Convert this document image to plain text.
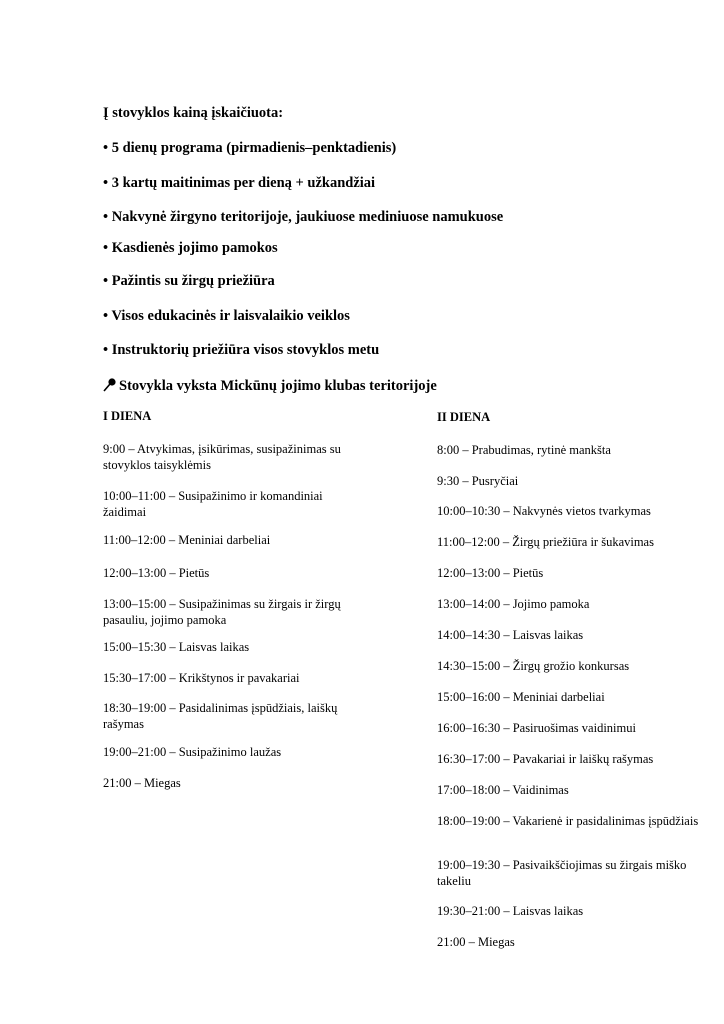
Į stovyklos kainą įskaičiuota:
• 5 dienų programa (pirmadienis–penktadienis)
• 3 kartų maitinimas per dieną + užkandžiai
• Nakvynė žirgyno teritorijoje, jaukiuose mediniuose namukuose
• Kasdienės jojimo pamokos
• Pažintis su žirgų priežiūra
• Visos edukacinės ir laisvalaikio veiklos
• Instruktorių priežiūra visos stovyklos metu
Stovykla vyksta Mickūnų jojimo klubas teritorijoje
I DIENA
9:00 – Atvykimas, įsikūrimas, susipažinimas su stovyklos taisyklėmis
10:00–11:00 – Susipažinimo ir komandiniai žaidimai
11:00–12:00 – Meniniai darbeliai
12:00–13:00 – Pietūs
13:00–15:00 – Susipažinimas su žirgais ir žirgų pasauliu, jojimo pamoka
15:00–15:30 – Laisvas laikas
15:30–17:00 – Krikštynos ir pavakariai
18:30–19:00 – Pasidalinimas įspūdžiais, laiškų rašymas
19:00–21:00 – Susipažinimo laužas
21:00 – Miegas
II DIENA
8:00 – Prabudimas, rytinė mankšta
9:30 – Pusryčiai
10:00–10:30 – Nakvynės vietos tvarkymas
11:00–12:00 – Žirgų priežiūra ir šukavimas
12:00–13:00 – Pietūs
13:00–14:00 – Jojimo pamoka
14:00–14:30 – Laisvas laikas
14:30–15:00 – Žirgų grožio konkursas
15:00–16:00 – Meniniai darbeliai
16:00–16:30 – Pasiruošimas vaidinimui
16:30–17:00 – Pavakariai ir laiškų rašymas
17:00–18:00 – Vaidinimas
18:00–19:00 – Vakarienė ir pasidalinimas įspūdžiais
19:00–19:30 – Pasivaikščiojimas su žirgais miško takeliu
19:30–21:00 – Laisvas laikas
21:00 – Miegas
